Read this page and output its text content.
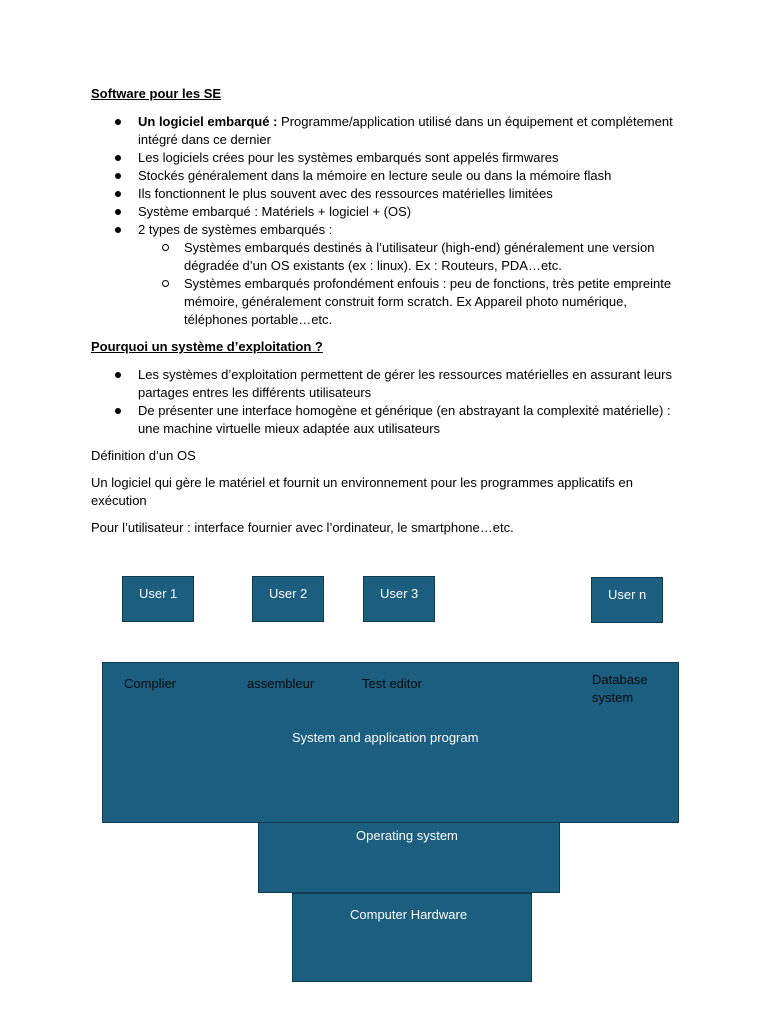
Software pour les SE

Un logiciel embarqué : Programme/application utilisé dans un équipement et complétement intégré dans ce dernier
Les logiciels crées pour les systèmes embarqués sont appelés firmwares
Stockés généralement dans la mémoire en lecture seule ou dans la mémoire flash
Ils fonctionnent le plus souvent avec des ressources matérielles limitées
Système embarqué : Matériels + logiciel + (OS)
2 types de systèmes embarqués :
Systèmes embarqués destinés à l’utilisateur (high-end) généralement une version dégradée d’un OS existants (ex : linux). Ex : Routeurs, PDA…etc.
Systèmes embarqués profondément enfouis : peu de fonctions, très petite empreinte mémoire, généralement construit form scratch. Ex Appareil photo numérique, téléphones portable…etc.

Pourquoi un système d’exploitation ?

Les systèmes d’exploitation permettent de gérer les ressources matérielles en assurant leurs partages entres les différents utilisateurs
De présenter une interface homogène et générique (en abstrayant la complexité matérielle) : une machine virtuelle mieux adaptée aux utilisateurs

Définition d’un OS

Un logiciel qui gère le matériel et fournit un environnement pour les programmes applicatifs en exécution

Pour l’utilisateur : interface fournier avec l’ordinateur, le smartphone…etc.

User 1	User 2	User 3	User n
Complier	assembleur	Test editor	Database system
System and application program
Operating system
Computer Hardware
